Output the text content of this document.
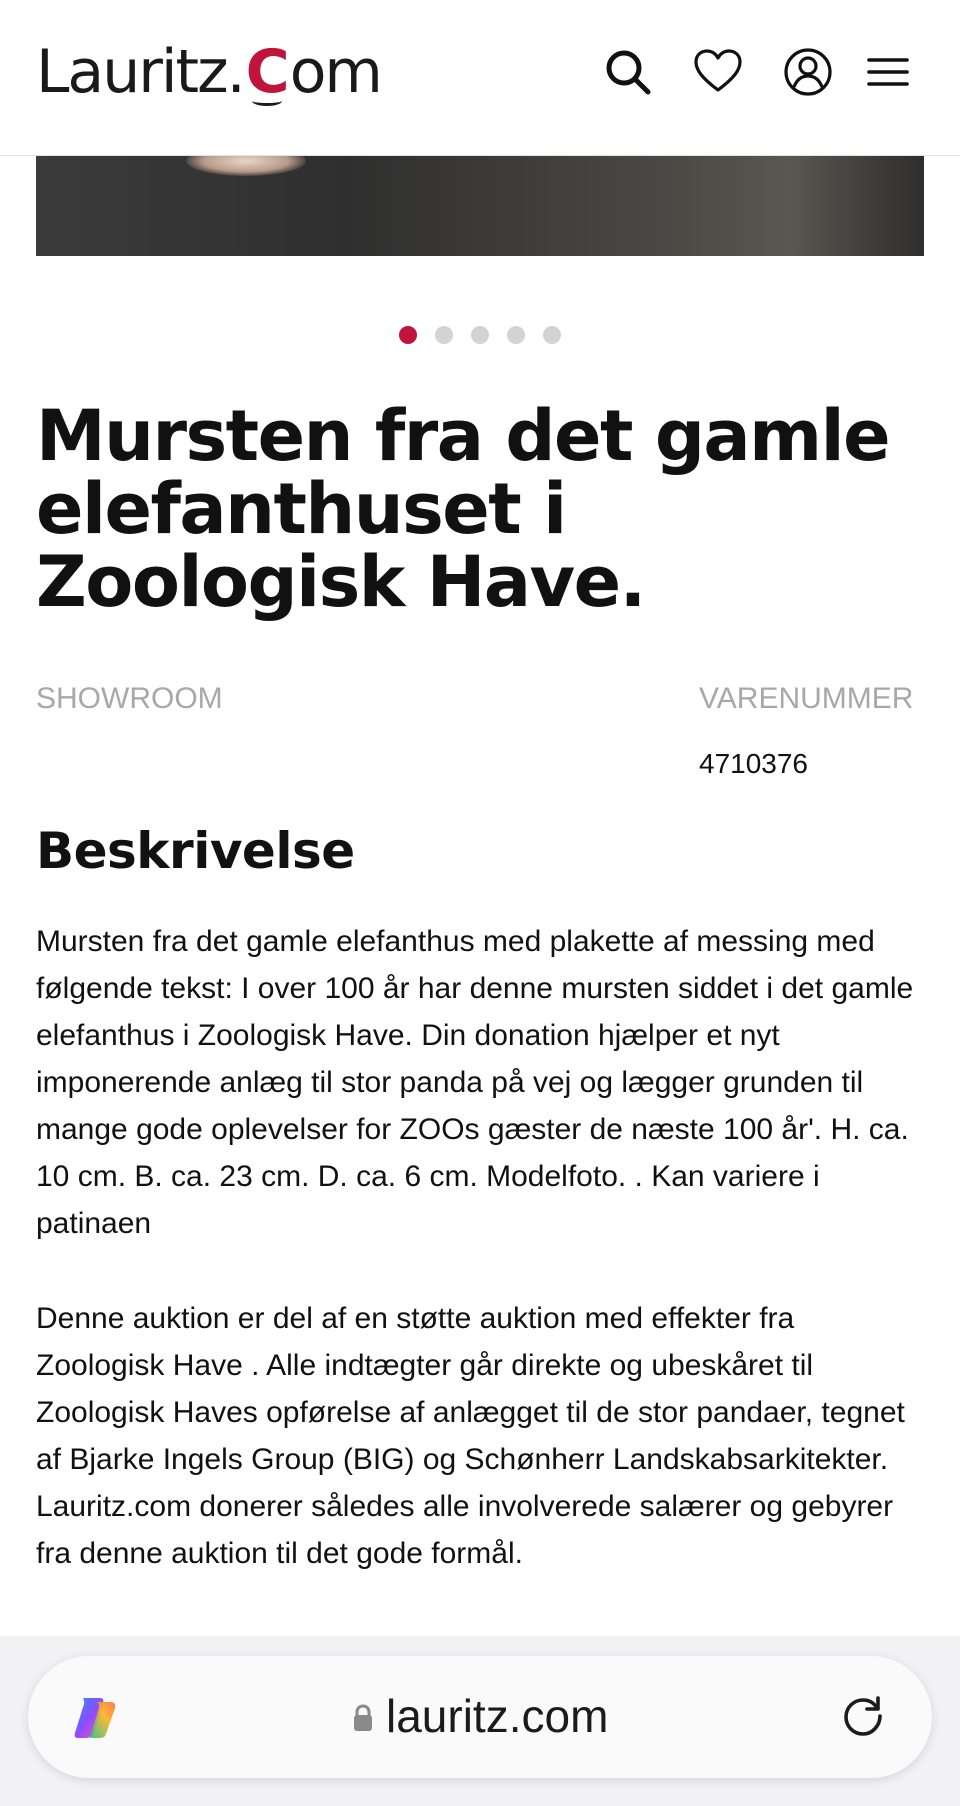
Lauritz. C om
Mursten fra det gamle elefanthuset i Zoologisk Have.
SHOWROOM	VARENUMMER
4710376
Beskrivelse

Mursten fra det gamle elefanthus med plakette af messing med følgende tekst: I over 100 år har denne mursten siddet i det gamle elefanthus i Zoologisk Have. Din donation hjælper et nyt imponerende anlæg til stor panda på vej og lægger grunden til mange gode oplevelser for ZOOs gæster de næste 100 år'. H. ca. 10 cm. B. ca. 23 cm. D. ca. 6 cm. Modelfoto. . Kan variere i patinaen

Denne auktion er del af en støtte auktion med effekter fra Zoologisk Have . Alle indtægter går direkte og ubeskåret til Zoologisk Haves opførelse af anlægget til de stor pandaer, tegnet af Bjarke Ingels Group (BIG) og Schønherr Landskabsarkitekter. Lauritz.com donerer således alle involverede salærer og gebyrer fra denne auktion til det gode formål.

lauritz.com
